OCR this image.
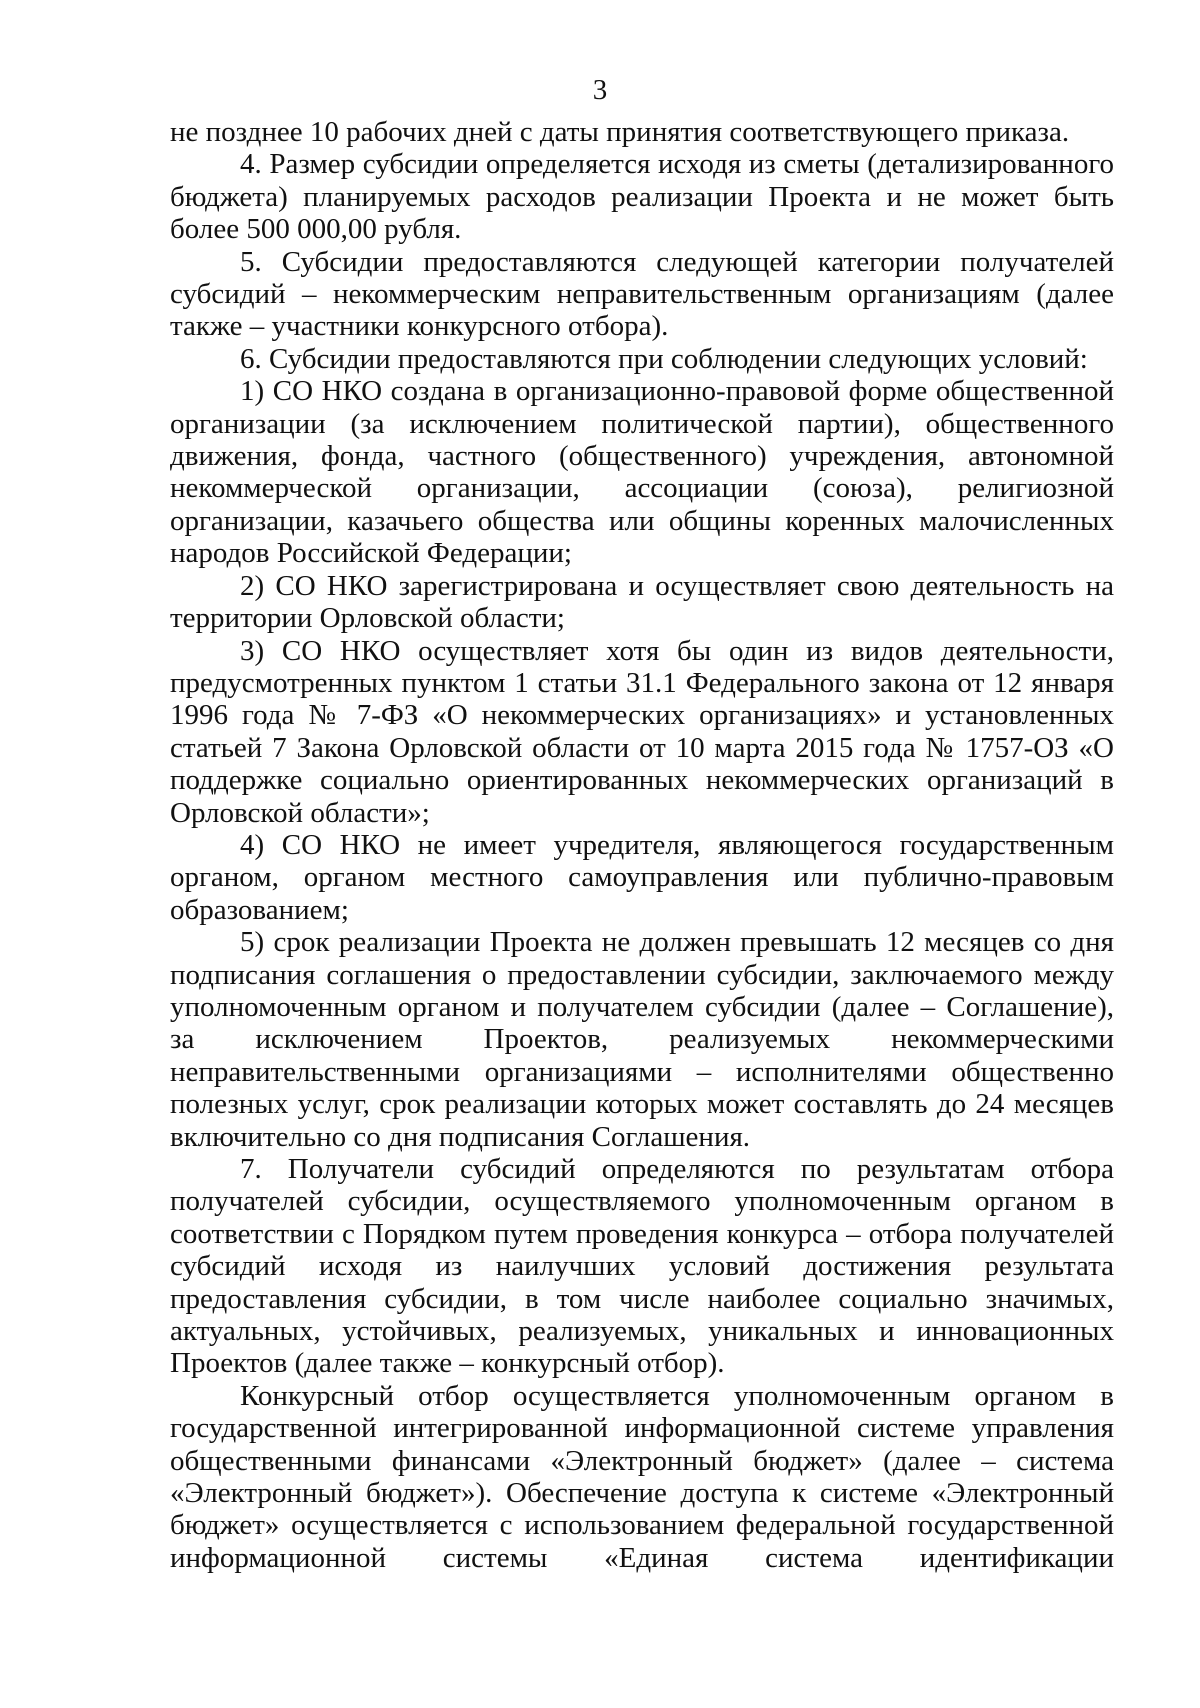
3

не позднее 10 рабочих дней с даты принятия соответствующего приказа.

4. Размер субсидии определяется исходя из сметы (детализированного бюджета) планируемых расходов реализации Проекта и не может быть более 500 000,00 рубля.

5. Субсидии предоставляются следующей категории получателей субсидий – некоммерческим неправительственным организациям (далее также – участники конкурсного отбора).

6. Субсидии предоставляются при соблюдении следующих условий:

1) СО НКО создана в организационно-правовой форме общественной организации (за исключением политической партии), общественного движения, фонда, частного (общественного) учреждения, автономной некоммерческой организации, ассоциации (союза), религиозной организации, казачьего общества или общины коренных малочисленных народов Российской Федерации;

2) СО НКО зарегистрирована и осуществляет свою деятельность на территории Орловской области;

3) СО НКО осуществляет хотя бы один из видов деятельности, предусмотренных пунктом 1 статьи 31.1 Федерального закона от 12 января 1996 года № 7-ФЗ «О некоммерческих организациях» и установленных статьей 7 Закона Орловской области от 10 марта 2015 года № 1757-ОЗ «О поддержке социально ориентированных некоммерческих организаций в Орловской области»;

4) СО НКО не имеет учредителя, являющегося государственным органом, органом местного самоуправления или публично-правовым образованием;

5) срок реализации Проекта не должен превышать 12 месяцев со дня подписания соглашения о предоставлении субсидии, заключаемого между уполномоченным органом и получателем субсидии (далее – Соглашение), за исключением Проектов, реализуемых некоммерческими неправительственными организациями – исполнителями общественно полезных услуг, срок реализации которых может составлять до 24 месяцев включительно со дня подписания Соглашения.

7. Получатели субсидий определяются по результатам отбора получателей субсидии, осуществляемого уполномоченным органом в соответствии с Порядком путем проведения конкурса – отбора получателей субсидий исходя из наилучших условий достижения результата предоставления субсидии, в том числе наиболее социально значимых, актуальных, устойчивых, реализуемых, уникальных и инновационных Проектов (далее также – конкурсный отбор).

Конкурсный отбор осуществляется уполномоченным органом в государственной интегрированной информационной системе управления общественными финансами «Электронный бюджет» (далее – система «Электронный бюджет»). Обеспечение доступа к системе «Электронный бюджет» осуществляется с использованием федеральной государственной информационной системы «Единая система идентификации
